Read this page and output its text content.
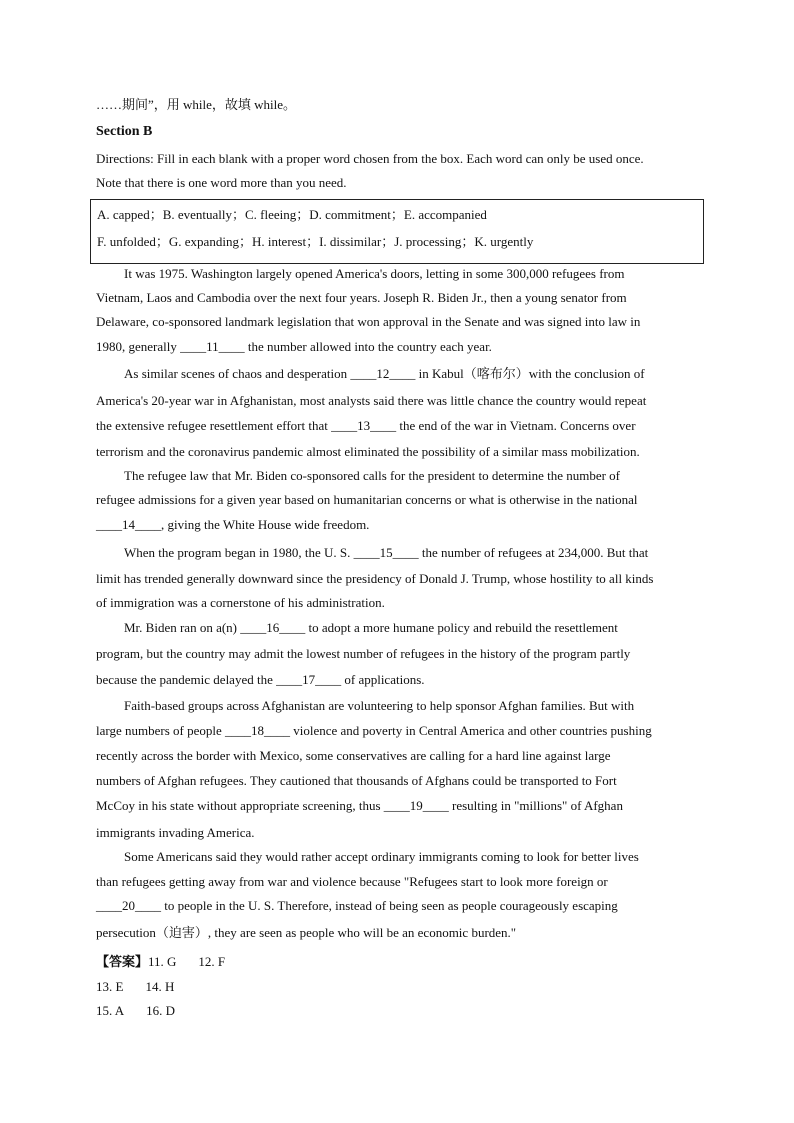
……期间”，用 while，故填 while。
Section B
Directions: Fill in each blank with a proper word chosen from the box. Each word can only be used once.
Note that there is one word more than you need.
A. capped；B. eventually；C. fleeing；D. commitment；E. accompanied
F. unfolded；G. expanding；H. interest；I. dissimilar；J. processing；K. urgently
It was 1975. Washington largely opened America's doors, letting in some 300,000 refugees from
Vietnam, Laos and Cambodia over the next four years. Joseph R. Biden Jr., then a young senator from
Delaware, co-sponsored landmark legislation that won approval in the Senate and was signed into law in
1980, generally ____11____ the number allowed into the country each year.
As similar scenes of chaos and desperation ____12____ in Kabul（喀布尔）with the conclusion of
America's 20-year war in Afghanistan, most analysts said there was little chance the country would repeat
the extensive refugee resettlement effort that ____13____ the end of the war in Vietnam. Concerns over
terrorism and the coronavirus pandemic almost eliminated the possibility of a similar mass mobilization.
The refugee law that Mr. Biden co-sponsored calls for the president to determine the number of
refugee admissions for a given year based on humanitarian concerns or what is otherwise in the national
____14____, giving the White House wide freedom.
When the program began in 1980, the U. S. ____15____ the number of refugees at 234,000. But that
limit has trended generally downward since the presidency of Donald J. Trump, whose hostility to all kinds
of immigration was a cornerstone of his administration.
Mr. Biden ran on a(n) ____16____ to adopt a more humane policy and rebuild the resettlement
program, but the country may admit the lowest number of refugees in the history of the program partly
because the pandemic delayed the ____17____ of applications.
Faith-based groups across Afghanistan are volunteering to help sponsor Afghan families. But with
large numbers of people ____18____ violence and poverty in Central America and other countries pushing
recently across the border with Mexico, some conservatives are calling for a hard line against large
numbers of Afghan refugees. They cautioned that thousands of Afghans could be transported to Fort
McCoy in his state without appropriate screening, thus ____19____ resulting in "millions" of Afghan
immigrants invading America.
Some Americans said they would rather accept ordinary immigrants coming to look for better lives
than refugees getting away from war and violence because "Refugees start to look more foreign or
____20____ to people in the U. S. Therefore, instead of being seen as people courageously escaping
persecution（迫害）, they are seen as people who will be an economic burden."
【答案】11. G 12. F
13. E 14. H
15. A 16. D
